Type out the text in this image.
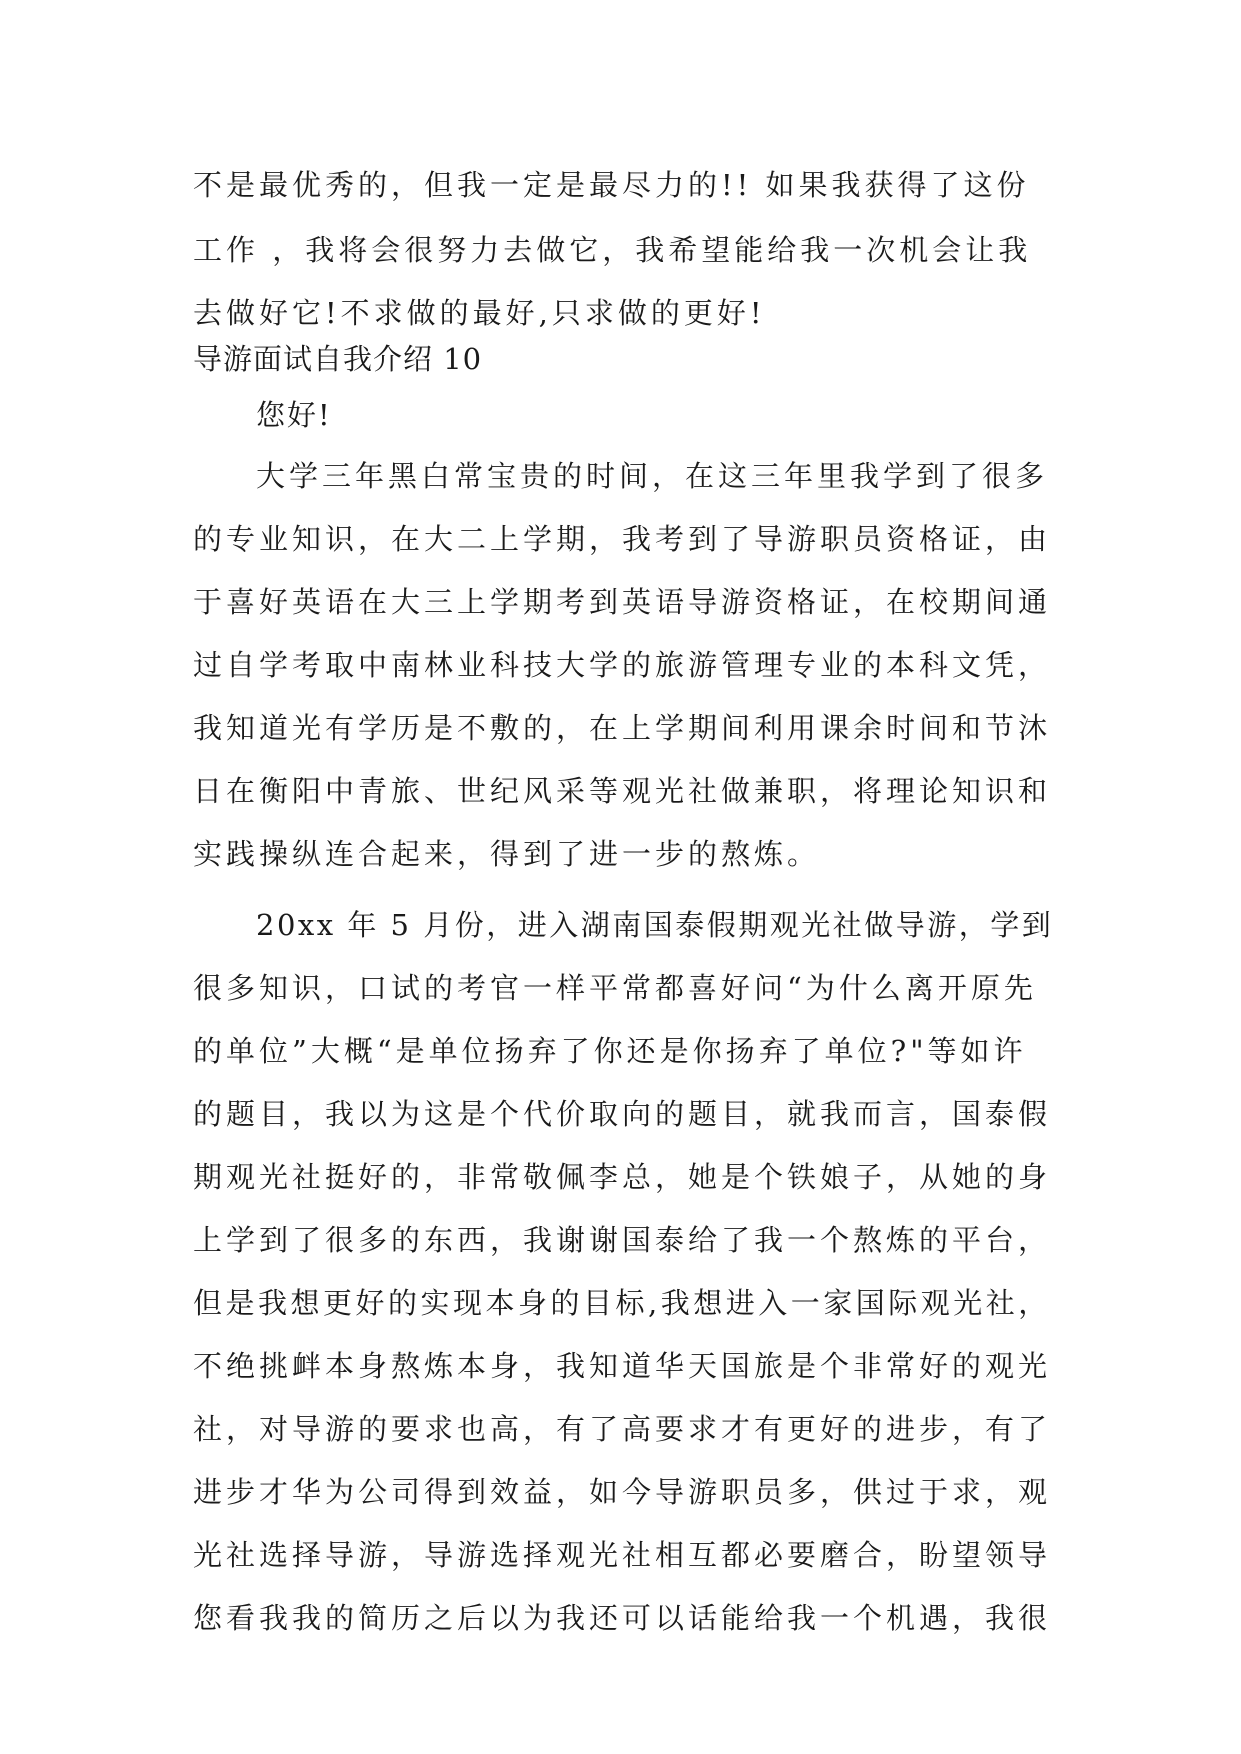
不是最优秀的，但我一定是最尽力的!! 如果我获得了这份
工作 ，我将会很努力去做它，我希望能给我一次机会让我
去做好它!不求做的最好,只求做的更好!
导游面试自我介绍 10
您好!
大学三年黑白常宝贵的时间，在这三年里我学到了很多
的专业知识，在大二上学期，我考到了导游职员资格证，由
于喜好英语在大三上学期考到英语导游资格证，在校期间通
过自学考取中南林业科技大学的旅游管理专业的本科文凭，
我知道光有学历是不敷的，在上学期间利用课余时间和节沐
日在衡阳中青旅、世纪风采等观光社做兼职，将理论知识和
实践操纵连合起来，得到了进一步的熬炼。
20xx 年 5 月份，进入湖南国泰假期观光社做导游，学到
很多知识，口试的考官一样平常都喜好问“为什么离开原先
的单位”大概“是单位扬弃了你还是你扬弃了单位?"等如许
的题目，我以为这是个代价取向的题目，就我而言，国泰假
期观光社挺好的，非常敬佩李总，她是个铁娘子，从她的身
上学到了很多的东西，我谢谢国泰给了我一个熬炼的平台，
但是我想更好的实现本身的目标,我想进入一家国际观光社，
不绝挑衅本身熬炼本身，我知道华天国旅是个非常好的观光
社，对导游的要求也高，有了高要求才有更好的进步，有了
进步才华为公司得到效益，如今导游职员多，供过于求，观
光社选择导游，导游选择观光社相互都必要磨合，盼望领导
您看我我的简历之后以为我还可以话能给我一个机遇，我很
